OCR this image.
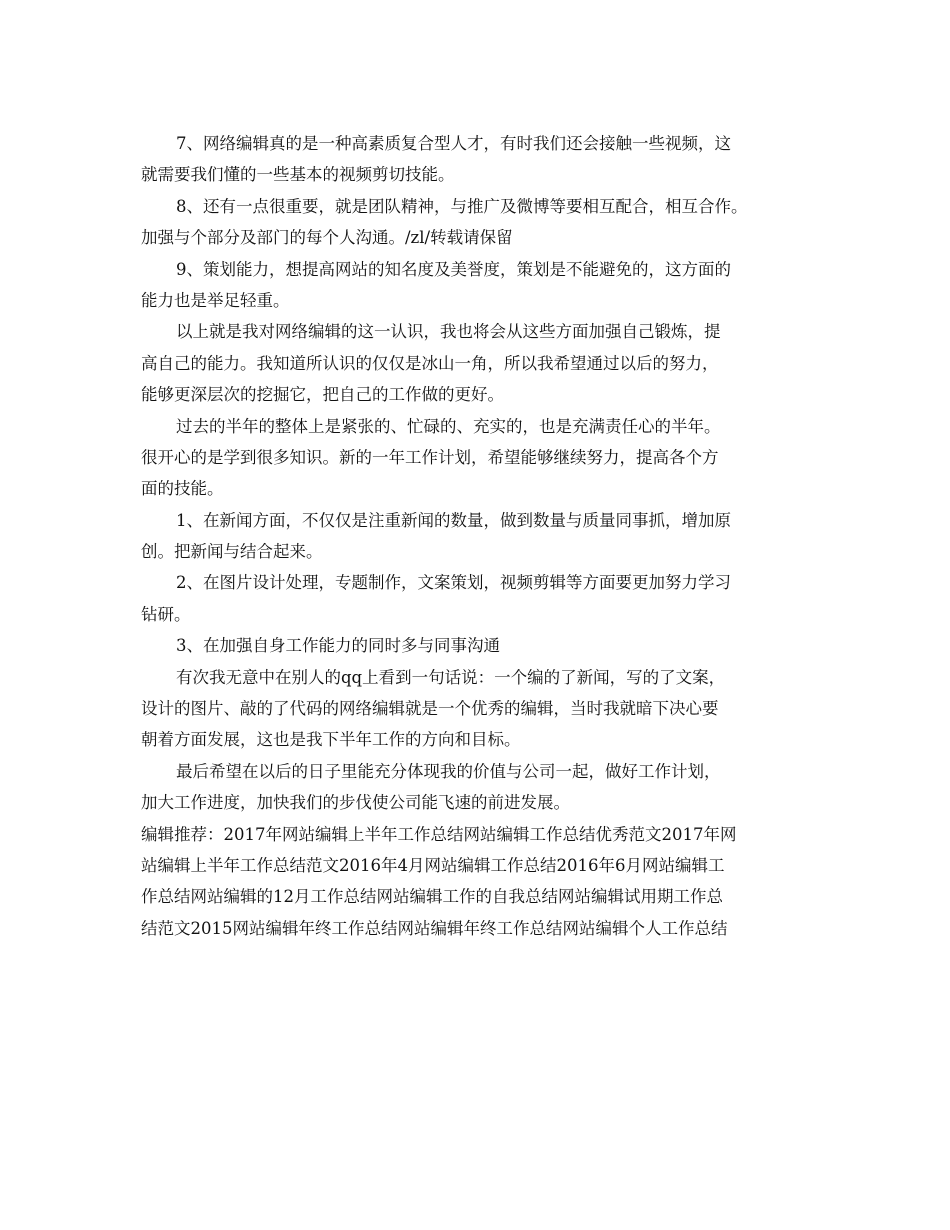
7、网络编辑真的是一种高素质复合型人才，有时我们还会接触一些视频，这
就需要我们懂的一些基本的视频剪切技能。
8、还有一点很重要，就是团队精神，与推广及微博等要相互配合，相互合作。
加强与个部分及部门的每个人沟通。/zl/转载请保留
9、策划能力，想提高网站的知名度及美誉度，策划是不能避免的，这方面的
能力也是举足轻重。
以上就是我对网络编辑的这一认识，我也将会从这些方面加强自己锻炼，提
高自己的能力。我知道所认识的仅仅是冰山一角，所以我希望通过以后的努力，
能够更深层次的挖掘它，把自己的工作做的更好。
过去的半年的整体上是紧张的、忙碌的、充实的，也是充满责任心的半年。
很开心的是学到很多知识。新的一年工作计划，希望能够继续努力，提高各个方
面的技能。
1、在新闻方面，不仅仅是注重新闻的数量，做到数量与质量同事抓，增加原
创。把新闻与结合起来。
2、在图片设计处理，专题制作，文案策划，视频剪辑等方面要更加努力学习
钻研。
3、在加强自身工作能力的同时多与同事沟通
有次我无意中在别人的qq上看到一句话说：一个编的了新闻，写的了文案，
设计的图片、敲的了代码的网络编辑就是一个优秀的编辑，当时我就暗下决心要
朝着方面发展，这也是我下半年工作的方向和目标。
最后希望在以后的日子里能充分体现我的价值与公司一起，做好工作计划，
加大工作进度，加快我们的步伐使公司能飞速的前进发展。
编辑推荐：2017年网站编辑上半年工作总结网站编辑工作总结优秀范文2017年网
站编辑上半年工作总结范文2016年4月网站编辑工作总结2016年6月网站编辑工
作总结网站编辑的12月工作总结网站编辑工作的自我总结网站编辑试用期工作总
结范文2015网站编辑年终工作总结网站编辑年终工作总结网站编辑个人工作总结
